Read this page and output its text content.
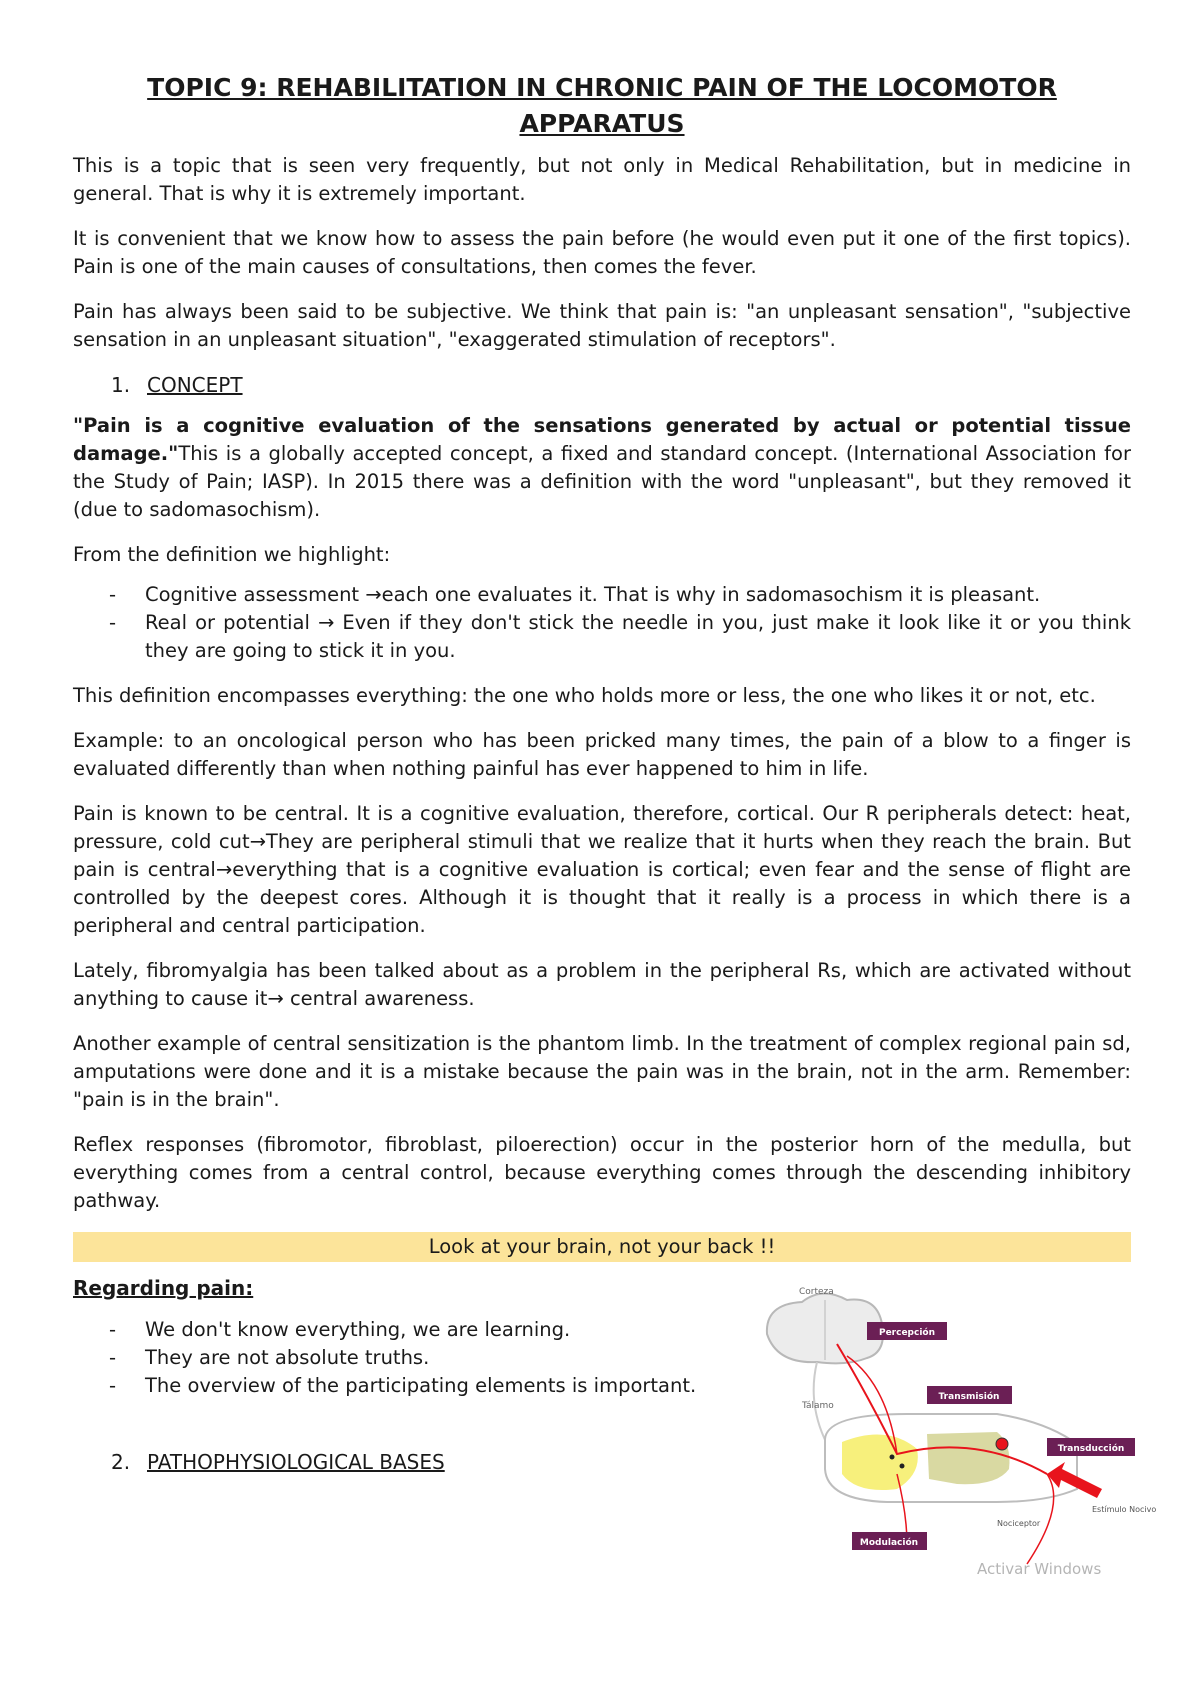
TOPIC 9: REHABILITATION IN CHRONIC PAIN OF THE LOCOMOTOR APPARATUS

This is a topic that is seen very frequently, but not only in Medical Rehabilitation, but in medicine in general. That is why it is extremely important.

It is convenient that we know how to assess the pain before (he would even put it one of the first topics). Pain is one of the main causes of consultations, then comes the fever.

Pain has always been said to be subjective. We think that pain is: "an unpleasant sensation", "subjective sensation in an unpleasant situation", "exaggerated stimulation of receptors".

1. CONCEPT

"Pain is a cognitive evaluation of the sensations generated by actual or potential tissue damage."This is a globally accepted concept, a fixed and standard concept. (International Association for the Study of Pain; IASP). In 2015 there was a definition with the word "unpleasant", but they removed it (due to sadomasochism).

From the definition we highlight:

- Cognitive assessment →each one evaluates it. That is why in sadomasochism it is pleasant.
- Real or potential → Even if they don't stick the needle in you, just make it look like it or you think they are going to stick it in you.

This definition encompasses everything: the one who holds more or less, the one who likes it or not, etc.

Example: to an oncological person who has been pricked many times, the pain of a blow to a finger is evaluated differently than when nothing painful has ever happened to him in life.

Pain is known to be central. It is a cognitive evaluation, therefore, cortical. Our R peripherals detect: heat, pressure, cold cut→They are peripheral stimuli that we realize that it hurts when they reach the brain. But pain is central→everything that is a cognitive evaluation is cortical; even fear and the sense of flight are controlled by the deepest cores. Although it is thought that it really is a process in which there is a peripheral and central participation.

Lately, fibromyalgia has been talked about as a problem in the peripheral Rs, which are activated without anything to cause it→ central awareness.

Another example of central sensitization is the phantom limb. In the treatment of complex regional pain sd, amputations were done and it is a mistake because the pain was in the brain, not in the arm. Remember: "pain is in the brain".

Reflex responses (fibromotor, fibroblast, piloerection) occur in the posterior horn of the medulla, but everything comes from a central control, because everything comes through the descending inhibitory pathway.

Look at your brain, not your back !!
Regarding pain:
- We don't know everything, we are learning.
- They are not absolute truths.
- The overview of the participating elements is important.
2. PATHOPHYSIOLOGICAL BASES
Corteza
Tálamo
Percepción
Transmisión
Transducción
Modulación
Nociceptor
Estímulo Nocivo
Activar Windows
